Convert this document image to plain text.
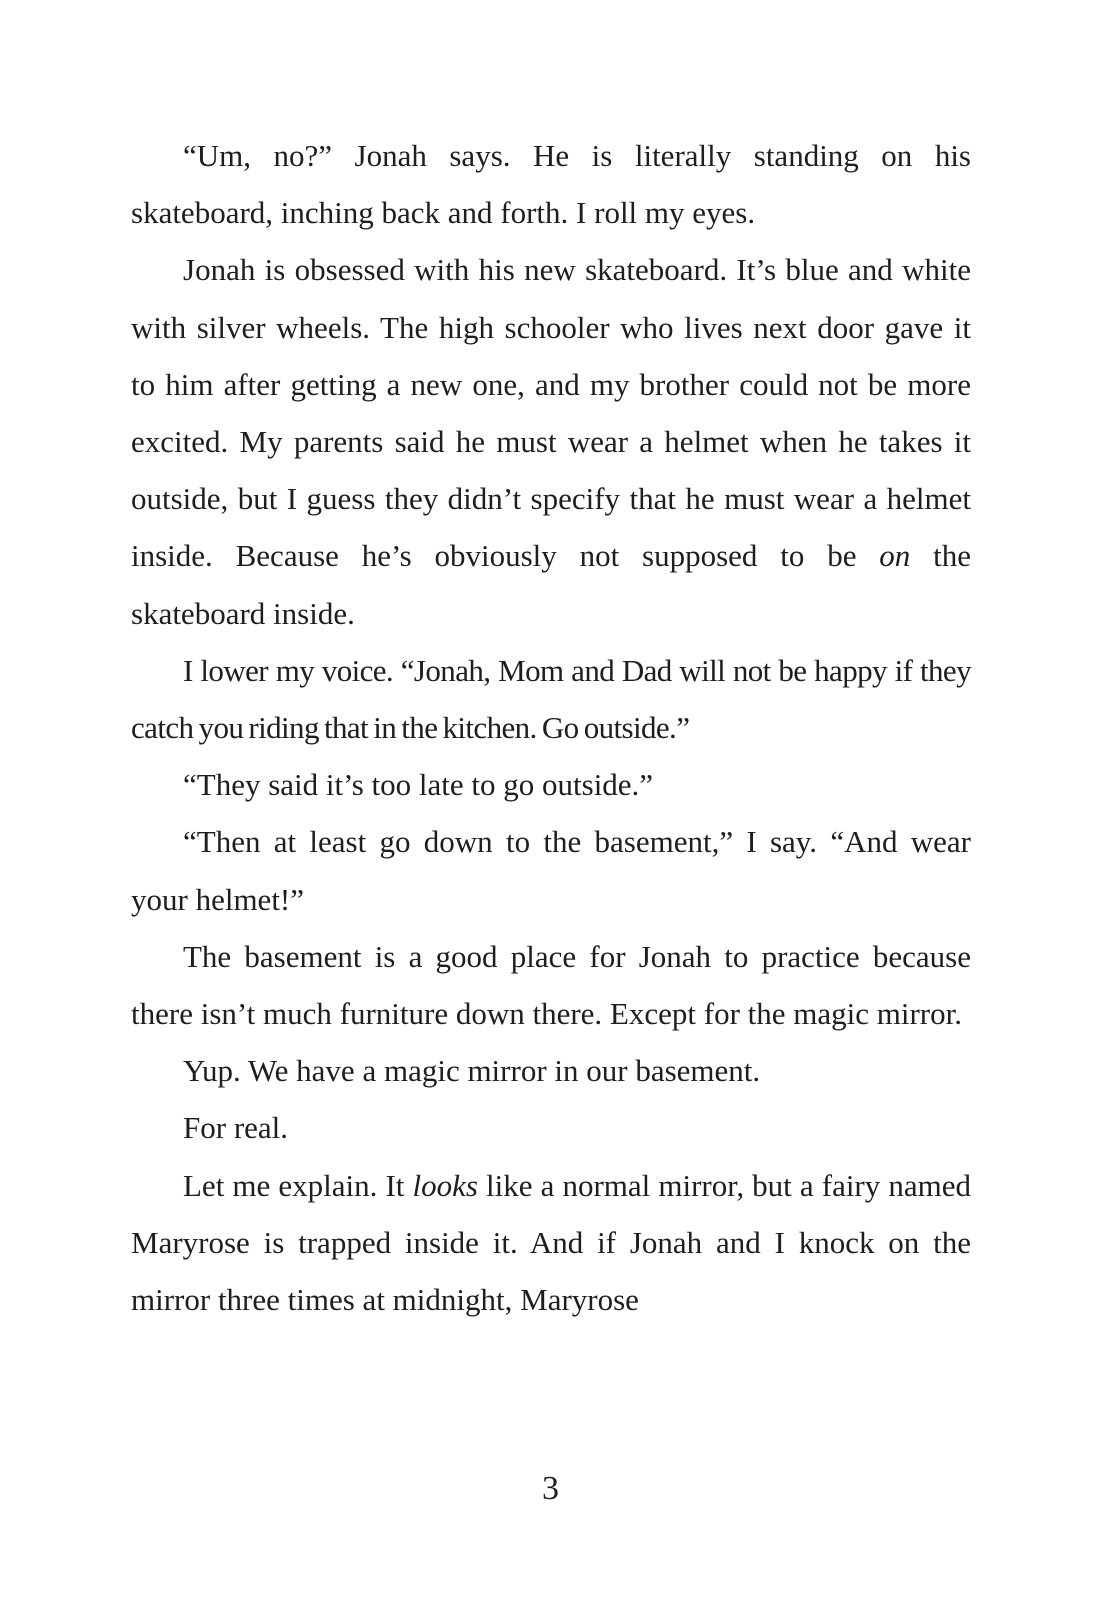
“Um, no?” Jonah says. He is literally standing on his skateboard, inching back and forth. I roll my eyes.

Jonah is obsessed with his new skateboard. It’s blue and white with silver wheels. The high schooler who lives next door gave it to him after getting a new one, and my brother could not be more excited. My parents said he must wear a helmet when he takes it outside, but I guess they didn’t specify that he must wear a helmet inside. Because he’s obviously not supposed to be on the skateboard inside.

I lower my voice. “Jonah, Mom and Dad will not be happy if they catch you riding that in the kitchen. Go outside.”

“They said it’s too late to go outside.”

“Then at least go down to the basement,” I say. “And wear your helmet!”

The basement is a good place for Jonah to practice because there isn’t much furniture down there. Except for the magic mirror.

Yup. We have a magic mirror in our basement.

For real.

Let me explain. It looks like a normal mirror, but a fairy named Maryrose is trapped inside it. And if Jonah and I knock on the mirror three times at midnight, Maryrose

3
